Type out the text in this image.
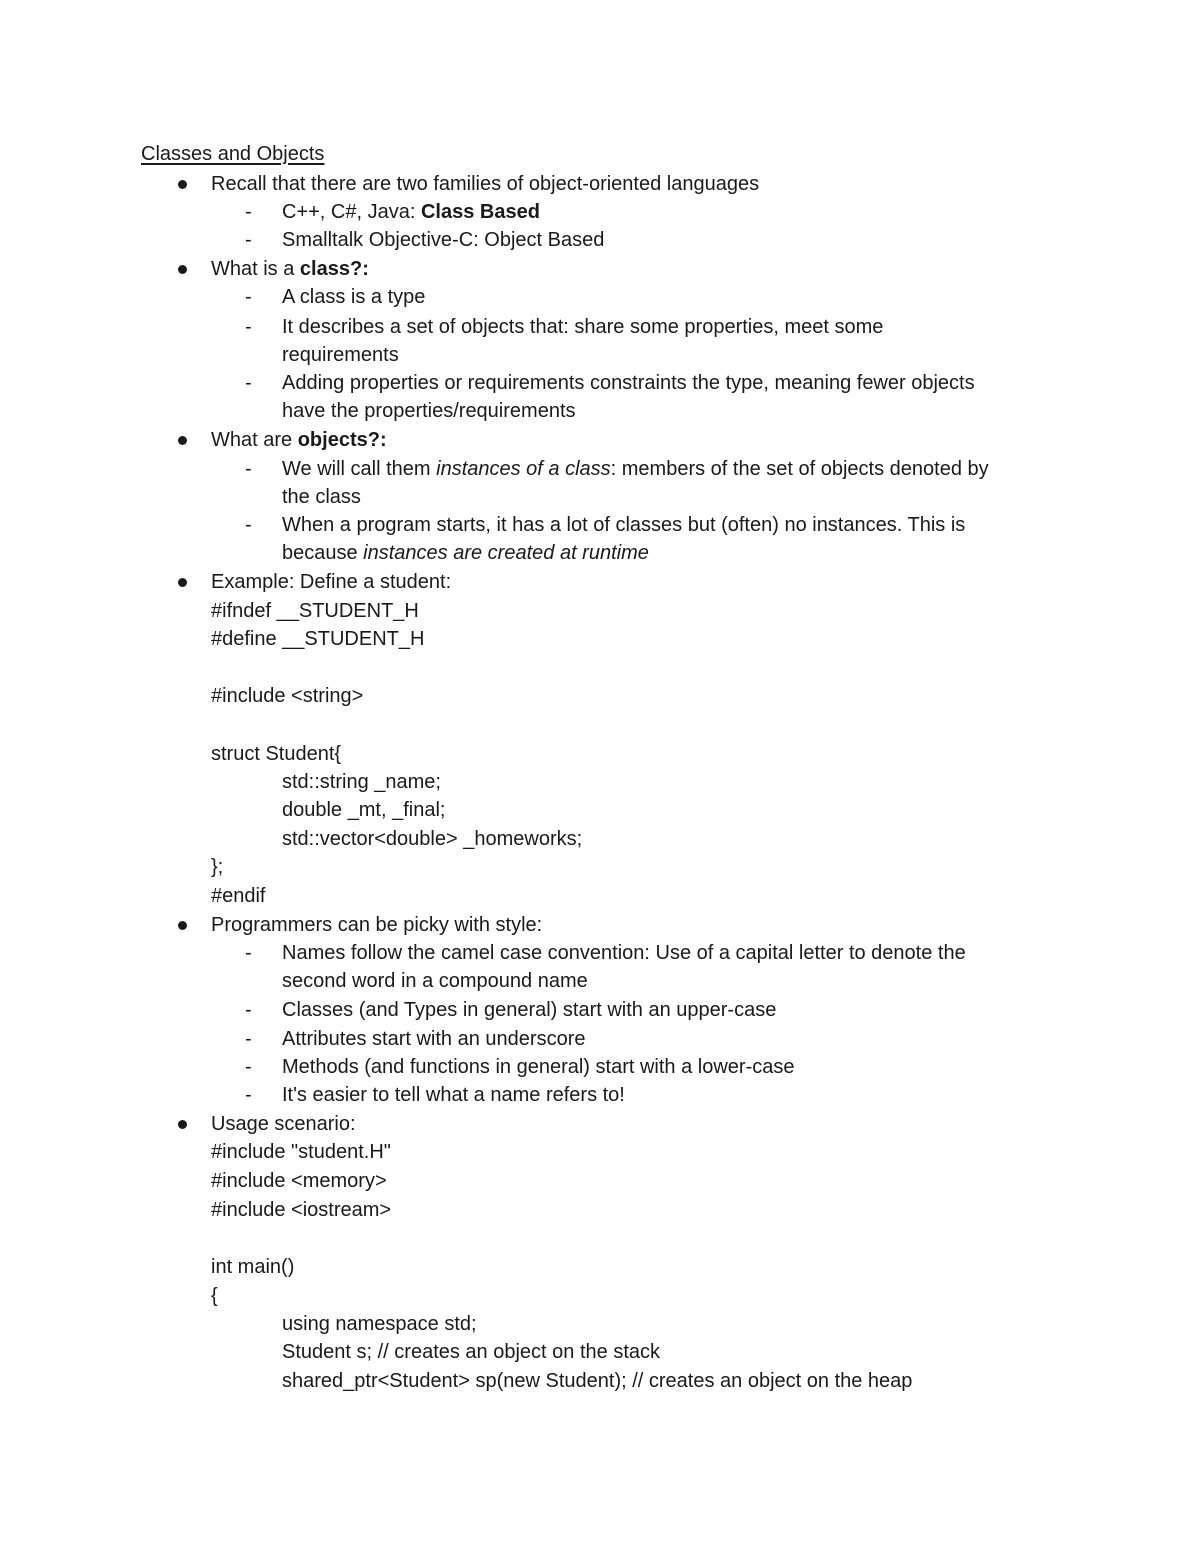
Classes and Objects
Recall that there are two families of object-oriented languages
- C++, C#, Java: Class Based
- Smalltalk Objective-C: Object Based
What is a class?:
- A class is a type
- It describes a set of objects that: share some properties, meet some
requirements
- Adding properties or requirements constraints the type, meaning fewer objects
have the properties/requirements
What are objects?:
- We will call them instances of a class: members of the set of objects denoted by
the class
- When a program starts, it has a lot of classes but (often) no instances. This is
because instances are created at runtime
Example: Define a student:
#ifndef __STUDENT_H
#define __STUDENT_H
#include <string>
struct Student{
std::string _name;
double _mt, _final;
std::vector<double> _homeworks;
};
#endif
Programmers can be picky with style:
- Names follow the camel case convention: Use of a capital letter to denote the
second word in a compound name
- Classes (and Types in general) start with an upper-case
- Attributes start with an underscore
- Methods (and functions in general) start with a lower-case
- It's easier to tell what a name refers to!
Usage scenario:
#include "student.H"
#include <memory>
#include <iostream>
int main()
{
using namespace std;
Student s; // creates an object on the stack
shared_ptr<Student> sp(new Student); // creates an object on the heap
